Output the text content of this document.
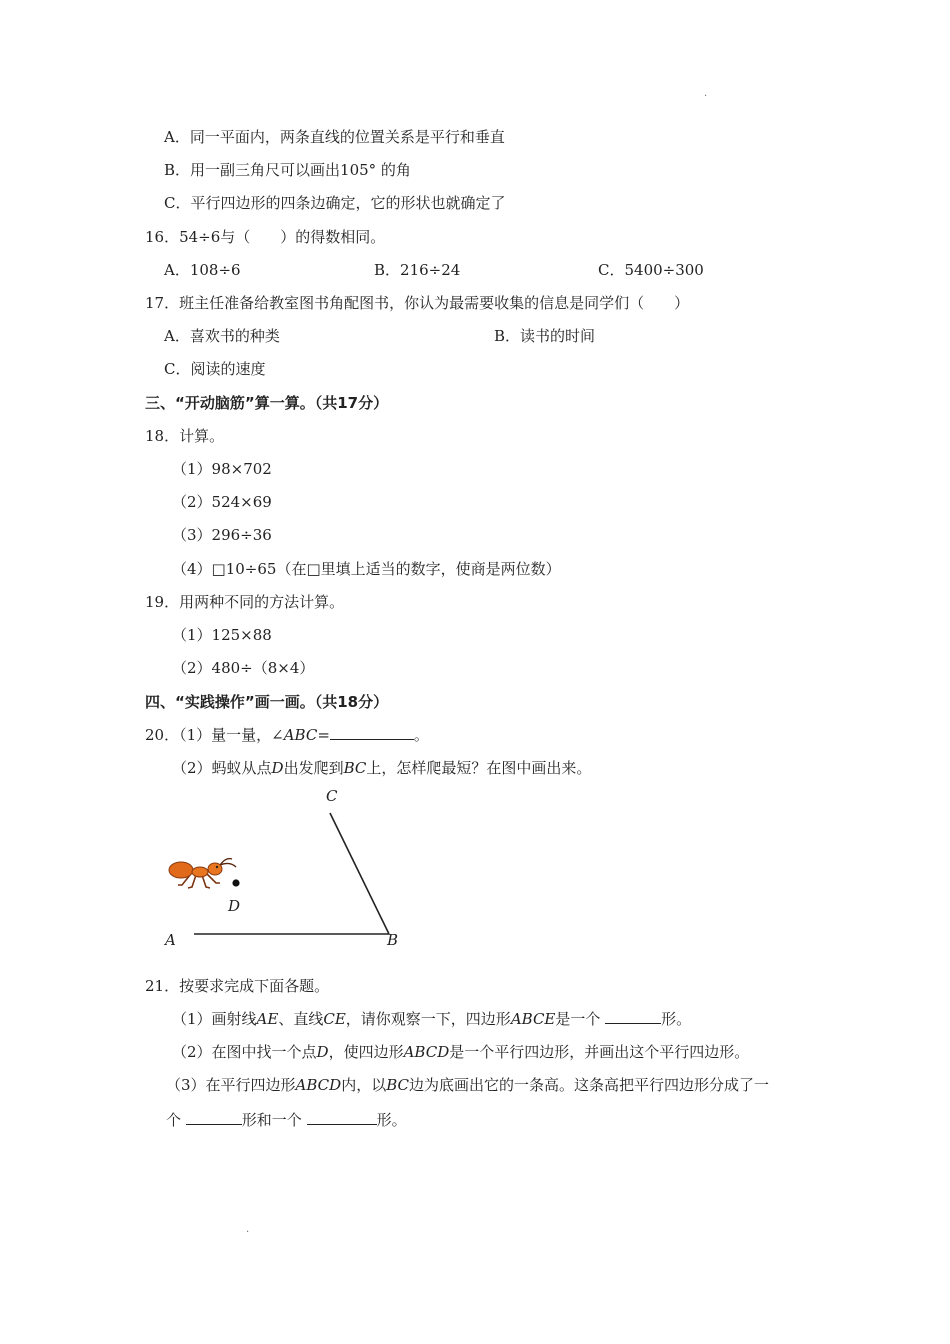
.
A．同一平面内，两条直线的位置关系是平行和垂直
B．用一副三角尺可以画出105° 的角
C．平行四边形的四条边确定，它的形状也就确定了
16．54÷6与（　　）的得数相同。
A．108÷6	B．216÷24	C．5400÷300
17．班主任准备给教室图书角配图书，你认为最需要收集的信息是同学们（　　）
A．喜欢书的种类	B．读书的时间
C．阅读的速度
三、“开动脑筋”算一算。（共17分）
18．计算。
（1）98×702
（2）524×69
（3）296÷36
（4）□10÷65（在□里填上适当的数字，使商是两位数）
19．用两种不同的方法计算。
（1）125×88
（2）480÷（8×4）
四、“实践操作”画一画。（共18分）
20．（1）量一量，∠ABC=	。
（2）蚂蚁从点D出发爬到BC上，怎样爬最短？在图中画出来。
A	B
C
D
21．按要求完成下面各题。
（1）画射线AE、直线CE，请你观察一下，四边形ABCE是一个	形。
（2）在图中找一个点D，使四边形ABCD是一个平行四边形，并画出这个平行四边形。
（3）在平行四边形ABCD内，以BC边为底画出它的一条高。这条高把平行四边形分成了一
个	形和一个	形。
.
